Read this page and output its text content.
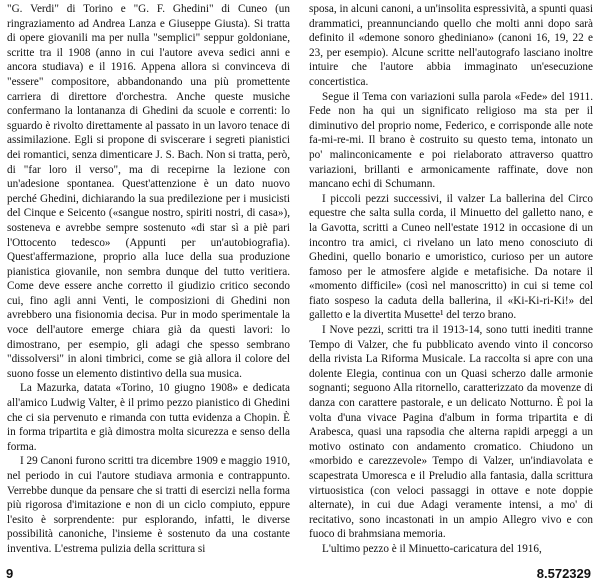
"G. Verdi" di Torino e "G. F. Ghedini" di Cuneo (un ringraziamento ad Andrea Lanza e Giuseppe Giusta). Si tratta di opere giovanili ma per nulla "semplici" seppur goldoniane, scritte tra il 1908 (anno in cui l'autore aveva sedici anni e ancora studiava) e il 1916. Appena allora si convinceva di "essere" compositore, abbandonando una più promettente carriera di direttore d'orchestra. Anche queste musiche confermano la lontananza di Ghedini da scuole e correnti: lo sguardo è rivolto direttamente al passato in un lavoro tenace di assimilazione. Egli si propone di sviscerare i segreti pianistici dei romantici, senza dimenticare J. S. Bach. Non si tratta, però, di "far loro il verso", ma di recepirne la lezione con un'adesione spontanea. Quest'attenzione è un dato nuovo perché Ghedini, dichiarando la sua predilezione per i musicisti del Cinque e Seicento («sangue nostro, spiriti nostri, di casa»), sosteneva e avrebbe sempre sostenuto «di star sì a piè pari l'Ottocento tedesco» (Appunti per un'autobiografia). Quest'affermazione, proprio alla luce della sua produzione pianistica giovanile, non sembra dunque del tutto veritiera. Come deve essere anche corretto il giudizio critico secondo cui, fino agli anni Venti, le composizioni di Ghedini non avrebbero una fisionomia decisa. Pur in modo sperimentale la voce dell'autore emerge chiara già da questi lavori: lo dimostrano, per esempio, gli adagi che spesso sembrano "dissolversi" in aloni timbrici, come se già allora il colore del suono fosse un elemento distintivo della sua musica.

La Mazurka, datata «Torino, 10 giugno 1908» e dedicata all'amico Ludwig Valter, è il primo pezzo pianistico di Ghedini che ci sia pervenuto e rimanda con tutta evidenza a Chopin. È in forma tripartita e già dimostra molta sicurezza e senso della forma.

I 29 Canoni furono scritti tra dicembre 1909 e maggio 1910, nel periodo in cui l'autore studiava armonia e contrappunto. Verrebbe dunque da pensare che si tratti di esercizi nella forma più rigorosa d'imitazione e non di un ciclo compiuto, eppure l'esito è sorprendente: pur esplorando, infatti, le diverse possibilità canoniche, l'insieme è sostenuto da una costante inventiva. L'estrema pulizia della scrittura si

sposa, in alcuni canoni, a un'insolita espressività, a spunti quasi drammatici, preannunciando quello che molti anni dopo sarà definito il «demone sonoro ghediniano» (canoni 16, 19, 22 e 23, per esempio). Alcune scritte nell'autografo lasciano inoltre intuire che l'autore abbia immaginato un'esecuzione concertistica.

Segue il Tema con variazioni sulla parola «Fede» del 1911. Fede non ha qui un significato religioso ma sta per il diminutivo del proprio nome, Federico, e corrisponde alle note fa-mi-re-mi. Il brano è costruito su questo tema, intonato un po' malinconicamente e poi rielaborato attraverso quattro variazioni, brillanti e armonicamente raffinate, dove non mancano echi di Schumann.

I piccoli pezzi successivi, il valzer La ballerina del Circo equestre che salta sulla corda, il Minuetto del galletto nano, e la Gavotta, scritti a Cuneo nell'estate 1912 in occasione di un incontro tra amici, ci rivelano un lato meno conosciuto di Ghedini, quello bonario e umoristico, curioso per un autore famoso per le atmosfere algide e metafisiche. Da notare il «momento difficile» (così nel manoscritto) in cui si teme col fiato sospeso la caduta della ballerina, il «Ki-Ki-ri-Ki!» del galletto e la divertita Musette¹ del terzo brano.

I Nove pezzi, scritti tra il 1913-14, sono tutti inediti tranne Tempo di Valzer, che fu pubblicato avendo vinto il concorso della rivista La Riforma Musicale. La raccolta si apre con una dolente Elegia, continua con un Quasi scherzo dalle armonie sognanti; seguono Alla ritornello, caratterizzato da movenze di danza con carattere pastorale, e un delicato Notturno. È poi la volta d'una vivace Pagina d'album in forma tripartita e di Arabesca, quasi una rapsodia che alterna rapidi arpeggi a un motivo ostinato con andamento cromatico. Chiudono un «morbido e carezzevole» Tempo di Valzer, un'indiavolata e scapestrata Umoresca e il Preludio alla fantasia, dalla scrittura virtuosistica (con veloci passaggi in ottave e note doppie alternate), in cui due Adagi veramente intensi, a mo' di recitativo, sono incastonati in un ampio Allegro vivo e con fuoco di brahmsiana memoria.

L'ultimo pezzo è il Minuetto-caricatura del 1916,

9	8.572329
